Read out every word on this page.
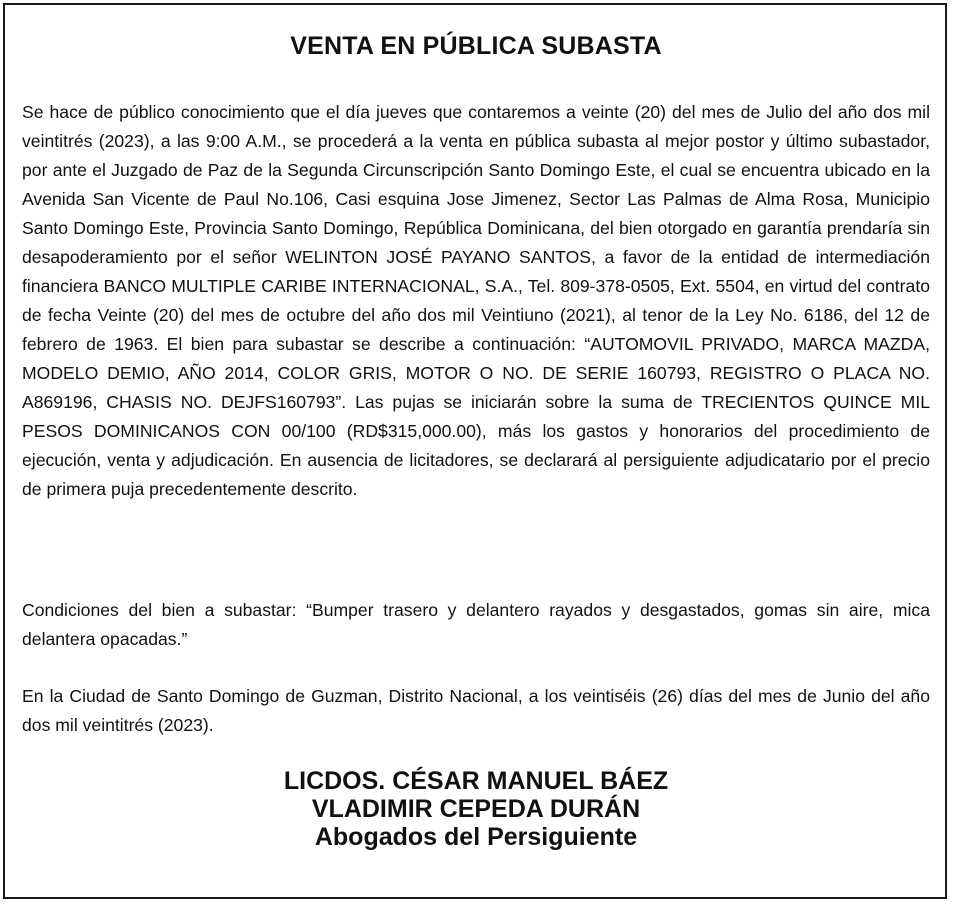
VENTA EN PÚBLICA SUBASTA

Se hace de público conocimiento que el día jueves que contaremos a veinte (20) del mes de Julio del año dos mil veintitrés (2023), a las 9:00 A.M., se procederá a la venta en pública subasta al mejor postor y último subastador, por ante el Juzgado de Paz de la Segunda Circunscripción Santo Domingo Este, el cual se encuentra ubicado en la Avenida San Vicente de Paul No.106, Casi esquina Jose Jimenez, Sector Las Palmas de Alma Rosa, Municipio Santo Domingo Este, Provincia Santo Domingo, República Dominicana, del bien otorgado en garantía prendaría sin desapoderamiento por el señor WELINTON JOSÉ PAYANO SANTOS, a favor de la entidad de intermediación financiera BANCO MULTIPLE CARIBE INTERNACIONAL, S.A., Tel. 809-378-0505, Ext. 5504, en virtud del contrato de fecha Veinte (20) del mes de octubre del año dos mil Veintiuno (2021), al tenor de la Ley No. 6186, del 12 de febrero de 1963. El bien para subastar se describe a continuación: “AUTOMOVIL PRIVADO, MARCA MAZDA, MODELO DEMIO, AÑO 2014, COLOR GRIS, MOTOR O NO. DE SERIE 160793, REGISTRO O PLACA NO. A869196, CHASIS NO. DEJFS160793”. Las pujas se iniciarán sobre la suma de TRECIENTOS QUINCE MIL PESOS DOMINICANOS CON 00/100 (RD$315,000.00), más los gastos y honorarios del procedimiento de ejecución, venta y adjudicación. En ausencia de licitadores, se declarará al persiguiente adjudicatario por el precio de primera puja precedentemente descrito.

Condiciones del bien a subastar: “Bumper trasero y delantero rayados y desgastados, gomas sin aire, mica delantera opacadas.”

En la Ciudad de Santo Domingo de Guzman, Distrito Nacional, a los veintiséis (26) días del mes de Junio del año dos mil veintitrés (2023).

LICDOS. CÉSAR MANUEL BÁEZ
VLADIMIR CEPEDA DURÁN
Abogados del Persiguiente
